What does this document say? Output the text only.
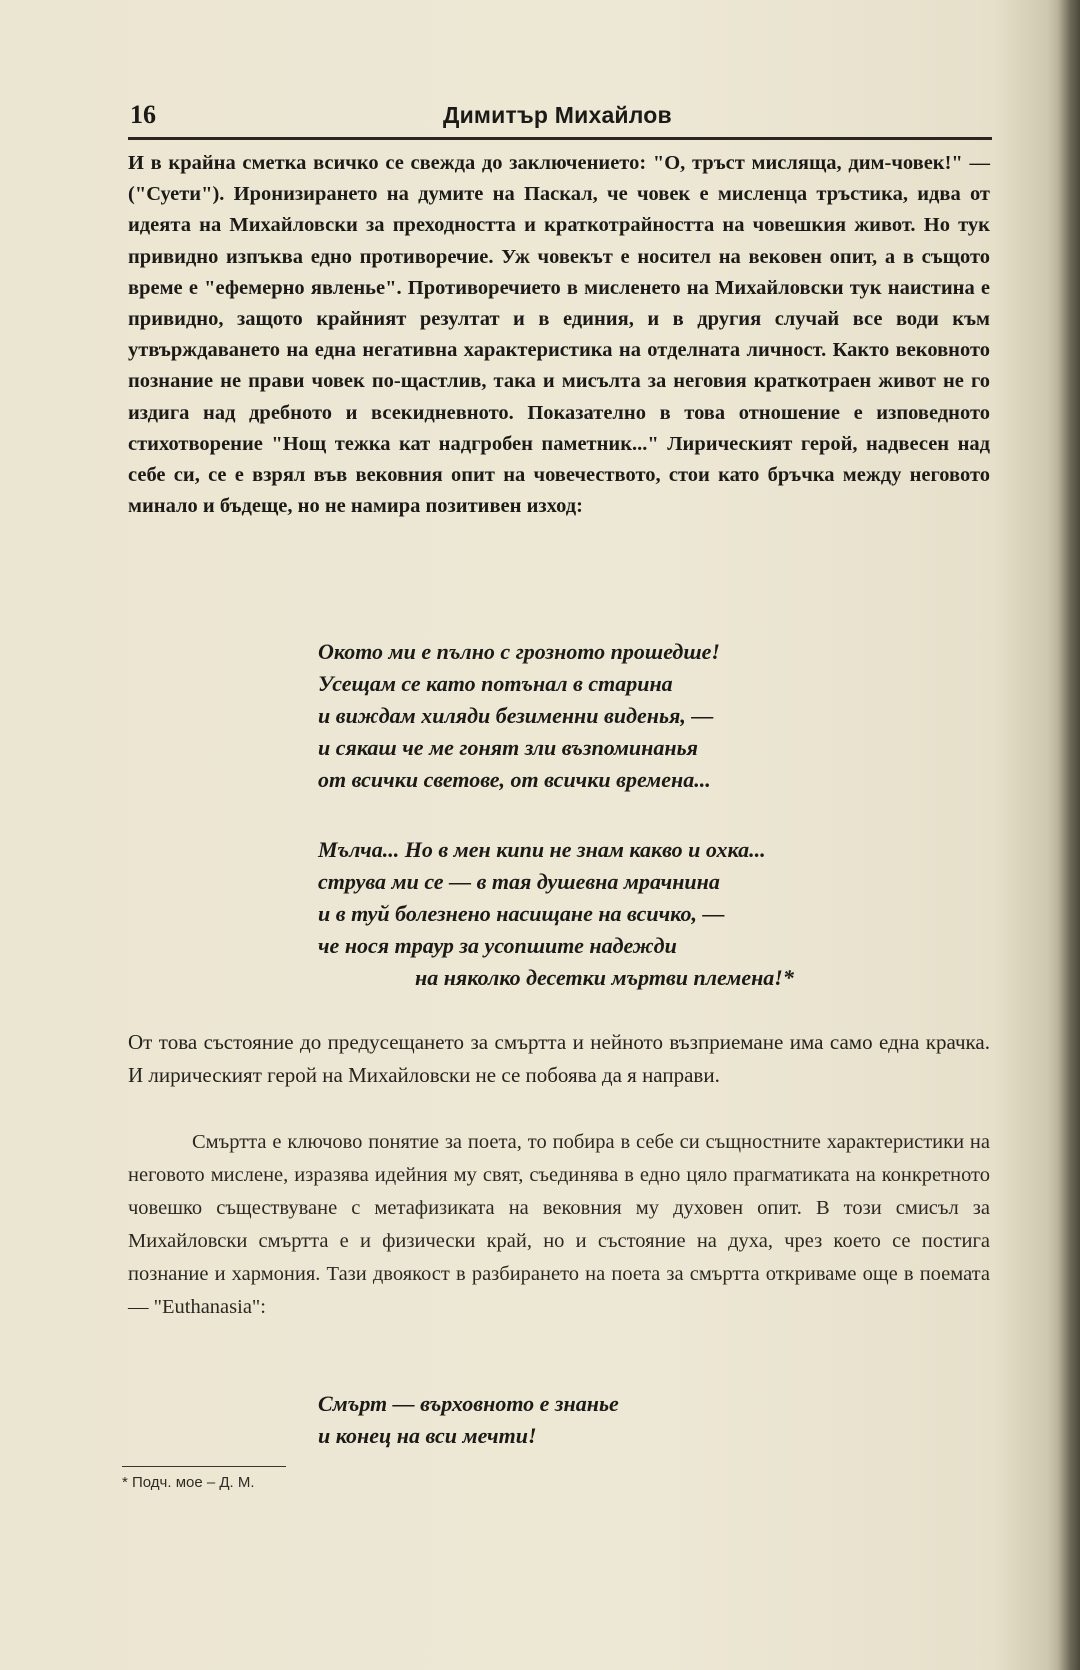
16	Димитър Михайлов

И в крайна сметка всичко се свежда до заключението: "О, тръст мисляща, дим-човек!" — ("Суети"). Иронизирането на думите на Паскал, че човек е мисленца тръстика, идва от идеята на Михайловски за преходността и краткотрайността на човешкия живот. Но тук привидно изпъква едно противоречие. Уж човекът е носител на вековен опит, а в същото време е "ефемерно явленье". Противоречието в мисленето на Михайловски тук наистина е привидно, защото крайният резултат и в единия, и в другия случай все води към утвърждаването на една негативна характеристика на отделната личност. Както вековното познание не прави човек по-щастлив, така и мисълта за неговия краткотраен живот не го издига над дребното и всекидневното. Показателно в това отношение е изповедното стихотворение "Нощ тежка кат надгробен паметник..." Лирическият герой, надвесен над себе си, се е взрял във вековния опит на човечеството, стои като бръчка между неговото минало и бъдеще, но не намира позитивен изход:

Окото ми е пълно с грозното прошедше!
Усещам се като потънал в старина
и виждам хиляди безименни виденья, —
и сякаш че ме гонят зли възпоминанья
от всички светове, от всички времена...
Мълча... Но в мен кипи не знам какво и охка...
струва ми се — в тая душевна мрачнина
и в туй болезнено насищане на всичко, —
че нося траур за усопшите надежди
на няколко десетки мъртви племена!*

От това състояние до предусещането за смъртта и нейното възприемане има само една крачка. И лирическият герой на Михайловски не се побоява да я направи.

Смъртта е ключово понятие за поета, то побира в себе си същностните характеристики на неговото мислене, изразява идейния му свят, съединява в едно цяло прагматиката на конкретното човешко съществуване с метафизиката на вековния му духовен опит. В този смисъл за Михайловски смъртта е и физически край, но и състояние на духа, чрез което се постига познание и хармония. Тази двоякост в разбирането на поета за смъртта откриваме още в поемата — "Euthanasia":

Смърт — върховното е знанье
и конец на вси мечти!
* Подч. мое – Д. М.
